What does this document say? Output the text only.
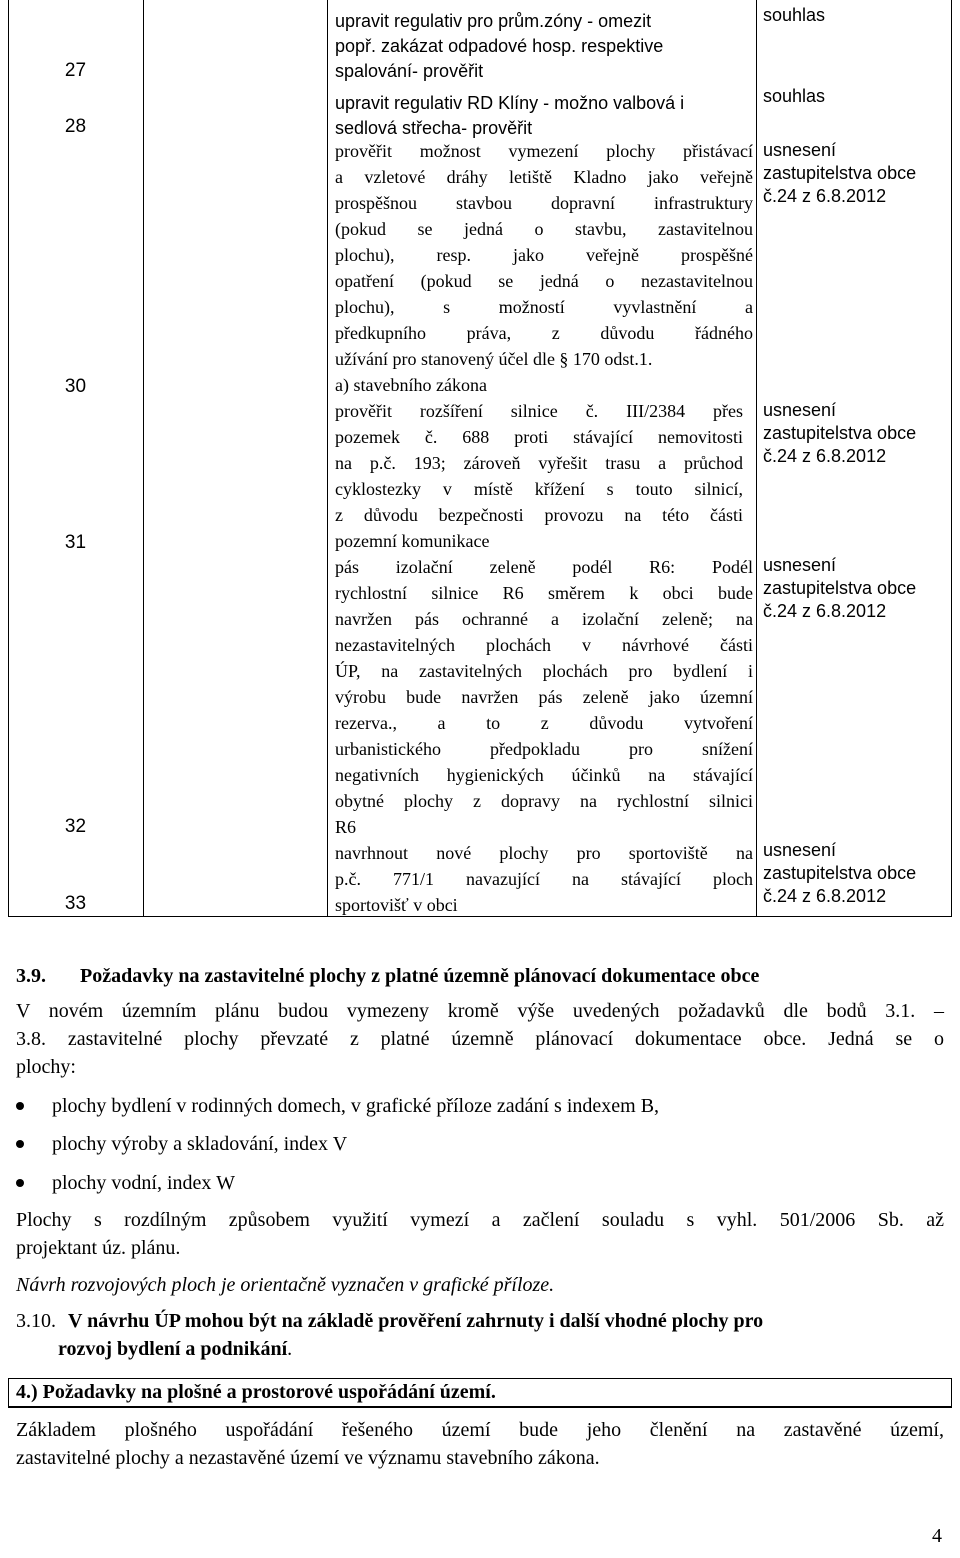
27
28
30
31
32
33
upravit regulativ pro prům.zóny - omezit
popř. zakázat odpadové hosp. respektive
spalování- prověřit
upravit regulativ RD Klíny - možno valbová i
sedlová střecha- prověřit
prověřit možnost vymezení plochy přistávací
a vzletové dráhy letiště Kladno jako veřejně
prospěšnou stavbou dopravní infrastruktury
(pokud se jedná o stavbu, zastavitelnou
plochu), resp. jako veřejně prospěšné
opatření (pokud se jedná o nezastavitelnou
plochu), s možností vyvlastnění a
předkupního práva, z důvodu řádného
užívání pro stanovený účel dle § 170 odst.1.
a) stavebního zákona
prověřit rozšíření silnice č. III/2384 přes
pozemek č. 688 proti stávající nemovitosti
na p.č. 193; zároveň vyřešit trasu a průchod
cyklostezky v místě křížení s touto silnicí,
z důvodu bezpečnosti provozu na této části
pozemní komunikace
pás izolační zeleně podél R6: Podél
rychlostní silnice R6 směrem k obci bude
navržen pás ochranné a izolační zeleně; na
nezastavitelných plochách v návrhové části
ÚP, na zastavitelných plochách pro bydlení i
výrobu bude navržen pás zeleně jako územní
rezerva., a to z důvodu vytvoření
urbanistického předpokladu pro snížení
negativních hygienických účinků na stávající
obytné plochy z dopravy na rychlostní silnici
R6
navrhnout nové plochy pro sportoviště na
p.č. 771/1 navazující na stávající ploch
sportovišť v obci
souhlas
souhlas
usnesení
zastupitelstva obce
č.24 z 6.8.2012
usnesení
zastupitelstva obce
č.24 z 6.8.2012
usnesení
zastupitelstva obce
č.24 z 6.8.2012
usnesení
zastupitelstva obce
č.24 z 6.8.2012
3.9. Požadavky na zastavitelné plochy z platné územně plánovací dokumentace obce
V novém územním plánu budou vymezeny kromě výše uvedených požadavků dle bodů 3.1. –
3.8. zastavitelné plochy převzaté z platné územně plánovací dokumentace obce. Jedná se o
plochy:
plochy bydlení v rodinných domech, v grafické příloze zadání s indexem B,
plochy výroby a skladování, index V
plochy vodní, index W
Plochy s rozdílným způsobem využití vymezí a začlení souladu s vyhl. 501/2006 Sb. až
projektant úz. plánu.
Návrh rozvojových ploch je orientačně vyznačen v grafické příloze.
3.10. V návrhu ÚP mohou být na základě prověření zahrnuty i další vhodné plochy pro
rozvoj bydlení a podnikání.
4.) Požadavky na plošné a prostorové uspořádání území.
Základem plošného uspořádání řešeného území bude jeho členění na zastavěné území,
zastavitelné plochy a nezastavěné území ve významu stavebního zákona.
4
